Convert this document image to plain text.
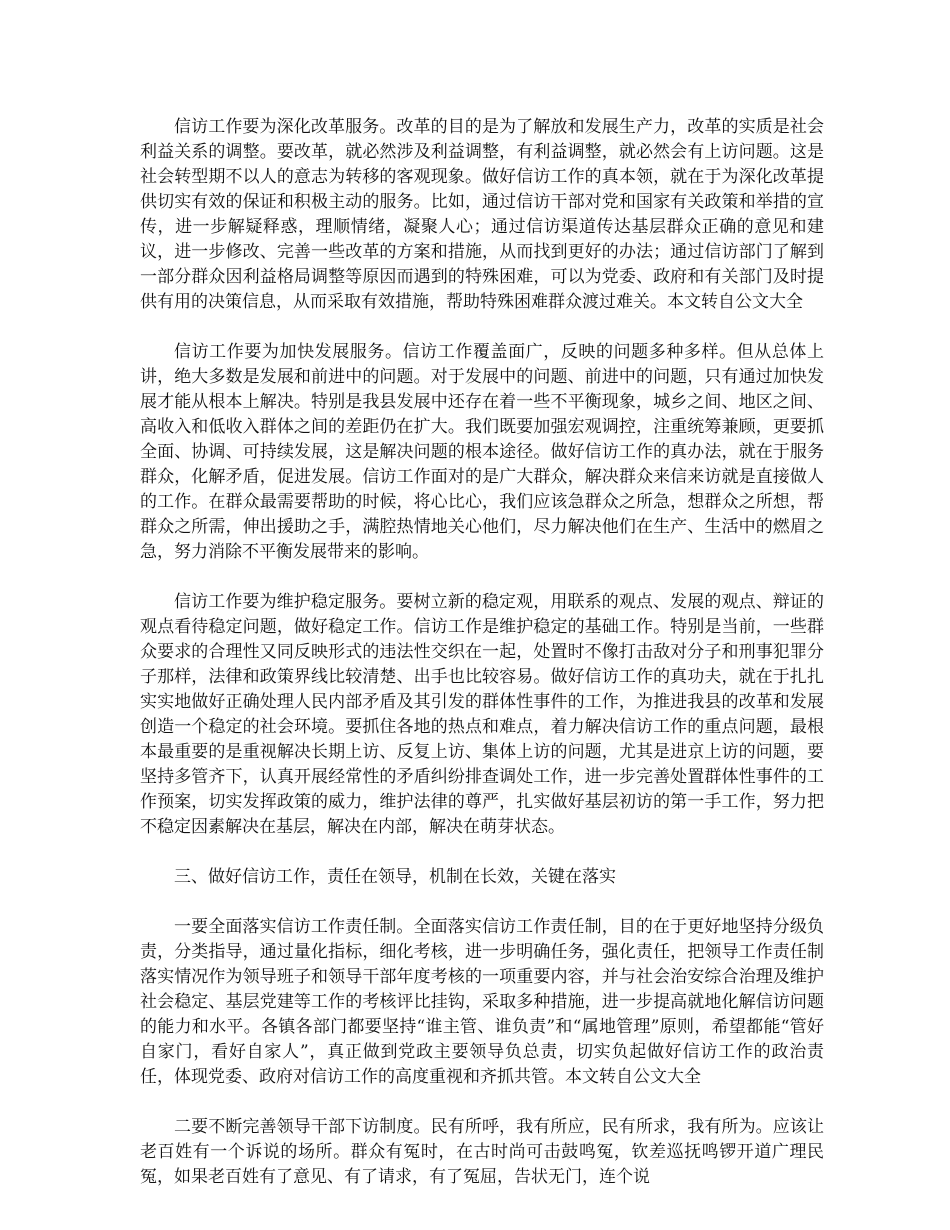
信访工作要为深化改革服务。改革的目的是为了解放和发展生产力，改革的实质是社会利益关系的调整。要改革，就必然涉及利益调整，有利益调整，就必然会有上访问题。这是社会转型期不以人的意志为转移的客观现象。做好信访工作的真本领，就在于为深化改革提供切实有效的保证和积极主动的服务。比如，通过信访干部对党和国家有关政策和举措的宣传，进一步解疑释惑，理顺情绪，凝聚人心；通过信访渠道传达基层群众正确的意见和建议，进一步修改、完善一些改革的方案和措施，从而找到更好的办法；通过信访部门了解到一部分群众因利益格局调整等原因而遇到的特殊困难，可以为党委、政府和有关部门及时提供有用的决策信息，从而采取有效措施，帮助特殊困难群众渡过难关。本文转自公文大全

信访工作要为加快发展服务。信访工作覆盖面广，反映的问题多种多样。但从总体上讲，绝大多数是发展和前进中的问题。对于发展中的问题、前进中的问题，只有通过加快发展才能从根本上解决。特别是我县发展中还存在着一些不平衡现象，城乡之间、地区之间、高收入和低收入群体之间的差距仍在扩大。我们既要加强宏观调控，注重统筹兼顾，更要抓全面、协调、可持续发展，这是解决问题的根本途径。做好信访工作的真办法，就在于服务群众，化解矛盾，促进发展。信访工作面对的是广大群众，解决群众来信来访就是直接做人的工作。在群众最需要帮助的时候，将心比心，我们应该急群众之所急，想群众之所想，帮群众之所需，伸出援助之手，满腔热情地关心他们，尽力解决他们在生产、生活中的燃眉之急，努力消除不平衡发展带来的影响。

信访工作要为维护稳定服务。要树立新的稳定观，用联系的观点、发展的观点、辩证的观点看待稳定问题，做好稳定工作。信访工作是维护稳定的基础工作。特别是当前，一些群众要求的合理性又同反映形式的违法性交织在一起，处置时不像打击敌对分子和刑事犯罪分子那样，法律和政策界线比较清楚、出手也比较容易。做好信访工作的真功夫，就在于扎扎实实地做好正确处理人民内部矛盾及其引发的群体性事件的工作，为推进我县的改革和发展创造一个稳定的社会环境。要抓住各地的热点和难点，着力解决信访工作的重点问题，最根本最重要的是重视解决长期上访、反复上访、集体上访的问题，尤其是进京上访的问题，要坚持多管齐下，认真开展经常性的矛盾纠纷排查调处工作，进一步完善处置群体性事件的工作预案，切实发挥政策的威力，维护法律的尊严，扎实做好基层初访的第一手工作，努力把不稳定因素解决在基层，解决在内部，解决在萌芽状态。

三、做好信访工作，责任在领导，机制在长效，关键在落实

一要全面落实信访工作责任制。全面落实信访工作责任制，目的在于更好地坚持分级负责，分类指导，通过量化指标，细化考核，进一步明确任务，强化责任，把领导工作责任制落实情况作为领导班子和领导干部年度考核的一项重要内容，并与社会治安综合治理及维护社会稳定、基层党建等工作的考核评比挂钩，采取多种措施，进一步提高就地化解信访问题的能力和水平。各镇各部门都要坚持“谁主管、谁负责”和“属地管理”原则，希望都能“管好自家门，看好自家人”，真正做到党政主要领导负总责，切实负起做好信访工作的政治责任，体现党委、政府对信访工作的高度重视和齐抓共管。本文转自公文大全

二要不断完善领导干部下访制度。民有所呼，我有所应，民有所求，我有所为。应该让老百姓有一个诉说的场所。群众有冤时，在古时尚可击鼓鸣冤，钦差巡抚鸣锣开道广理民冤，如果老百姓有了意见、有了请求，有了冤屈，告状无门，连个说
